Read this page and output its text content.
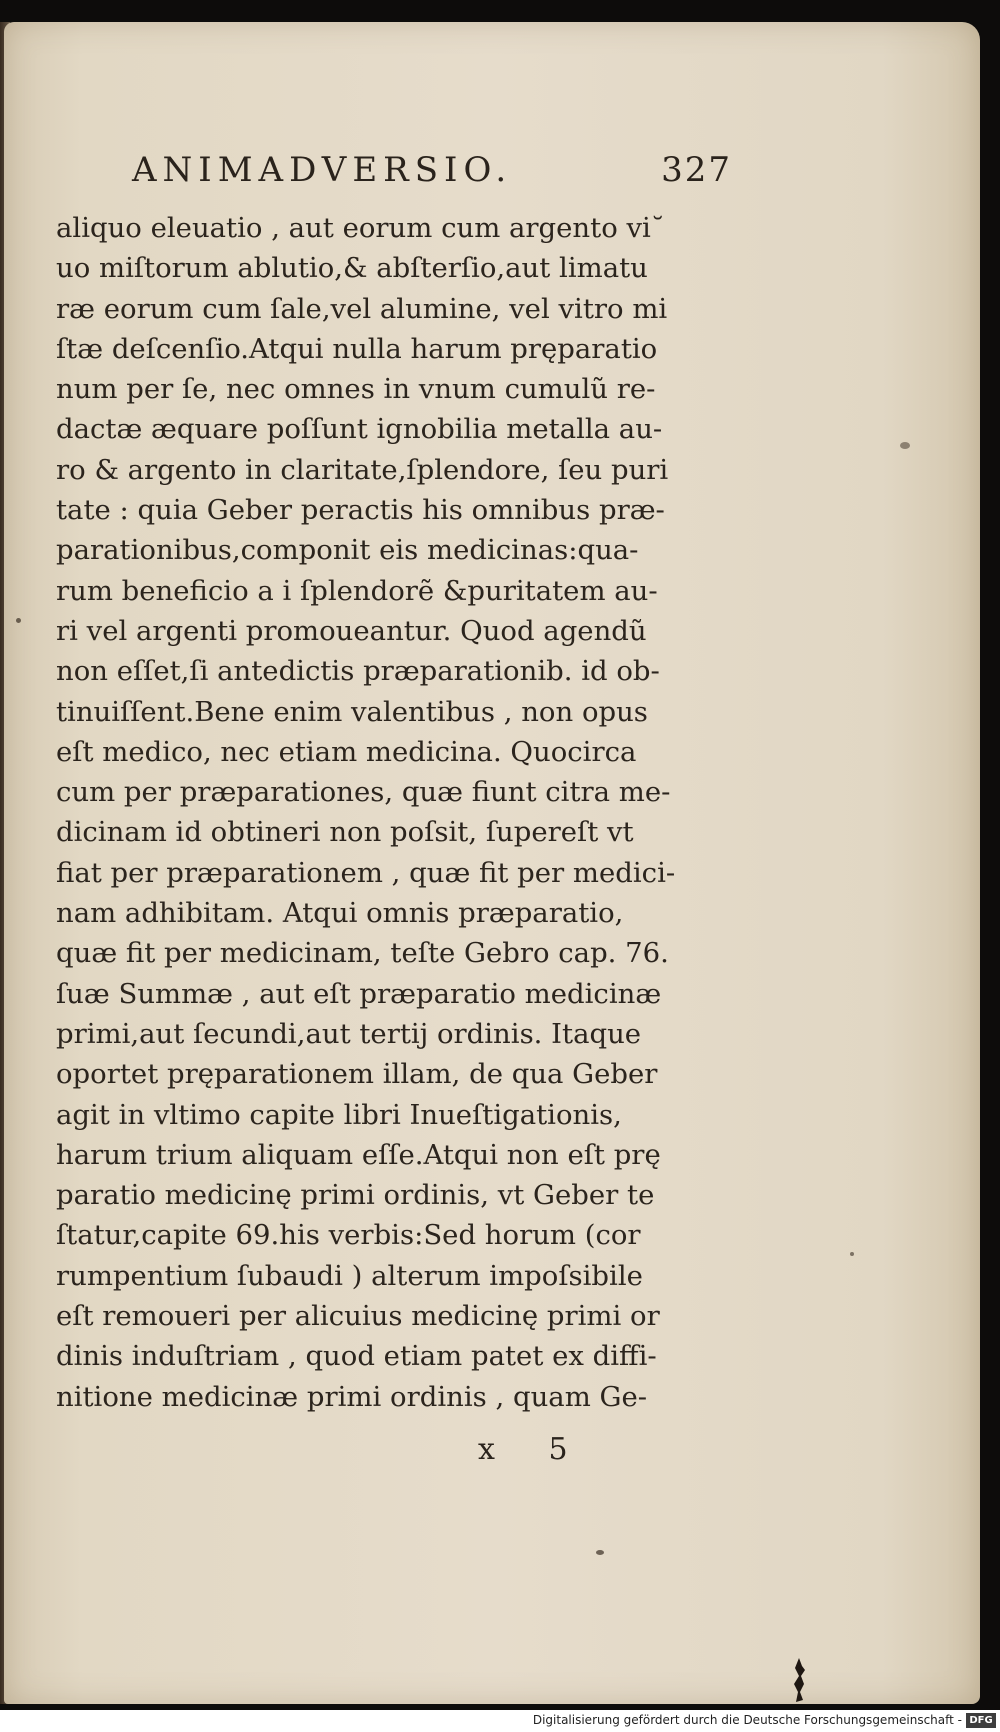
ANIMADVERSIO.	327
aliquo eleuatio , aut eorum cum argento vi˘
uo miſtorum ablutio,& abſterſio,aut limatu
ræ eorum cum ſale,vel alumine, vel vitro mi
ſtæ deſcenſio.Atqui nulla harum pręparatio
num per ſe, nec omnes in vnum cumulũ re-
dactæ æquare poſſunt ignobilia metalla au-
ro & argento in claritate,ſplendore, ſeu puri
tate : quia Geber peractis his omnibus præ-
parationibus,componit eis medicinas:qua-
rum beneficio a i ſplendorẽ &puritatem au-
ri vel argenti promoueantur. Quod agendũ
non eſſet,ſi antedictis præparationib. id ob-
tinuiſſent.Bene enim valentibus , non opus
eſt medico, nec etiam medicina. Quocirca
cum per præparationes, quæ fiunt citra me-
dicinam id obtineri non poſsit, ſupereſt vt
fiat per præparationem , quæ fit per medici-
nam adhibitam. Atqui omnis præparatio,
quæ fit per medicinam, teſte Gebro cap. 76.
ſuæ Summæ , aut eſt præparatio medicinæ
primi,aut ſecundi,aut tertij ordinis. Itaque
oportet pręparationem illam, de qua Geber
agit in vltimo capite libri Inueſtigationis,
harum trium aliquam eſſe.Atqui non eſt prę
paratio medicinę primi ordinis, vt Geber te
ſtatur,capite 69.his verbis:Sed horum (cor
rumpentium ſubaudi ) alterum impoſsibile
eſt remoueri per alicuius medicinę primi or
dinis induſtriam , quod etiam patet ex diffi-
nitione medicinæ primi ordinis , quam Ge-
x 5
Digitalisierung gefördert durch die Deutsche Forschungsgemeinschaft - DFG
